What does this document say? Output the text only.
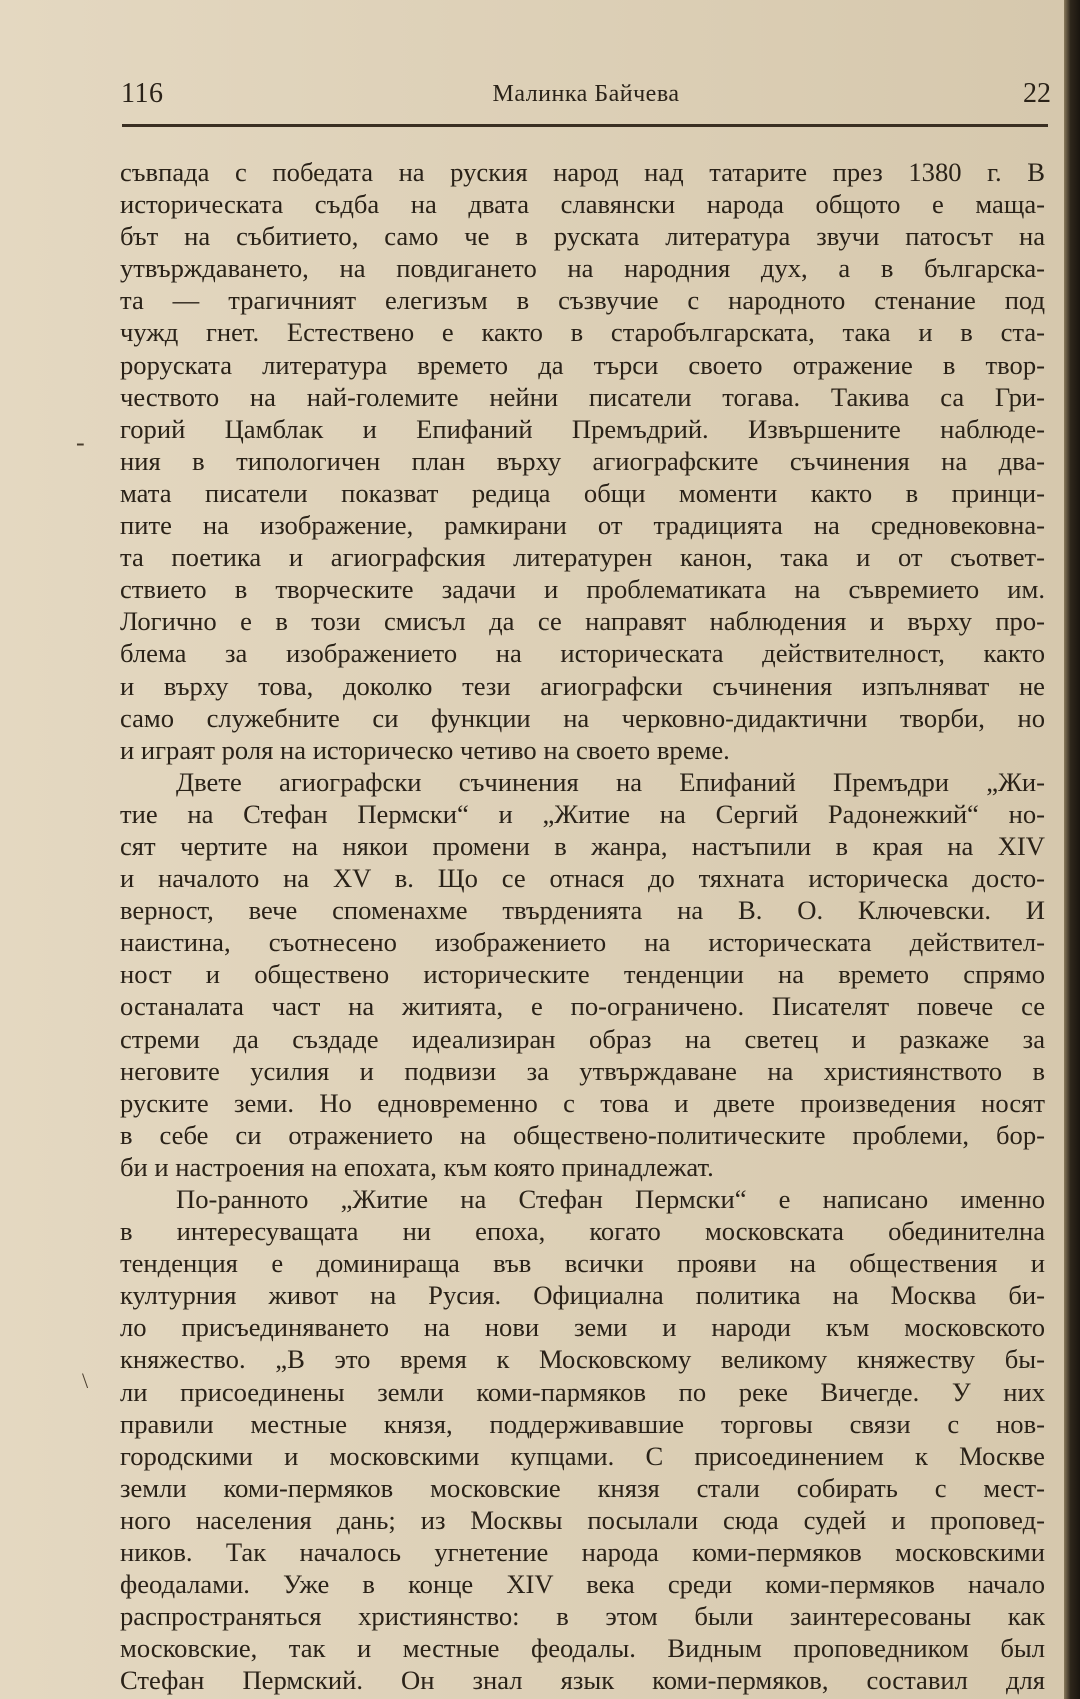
116	Малинка Байчева	22
-
\
съвпада с победата на руския народ над татарите през 1380 г. В
историческата съдба на двата славянски народа общото е мащa-
бът на събитието, само че в руската литература звучи патосът на
утвърждаването, на повдигането на народния дух, а в българска-
та — трагичният елегизъм в съзвучие с народното стенание под
чужд гнет. Естествено е както в старобългарската, така и в ста-
роруската литература времето да търси своето отражение в твор-
чеството на най-големите нейни писатели тогава. Такива са Гри-
горий Цамблак и Епифаний Премъдрий. Извършените наблюде-
ния в типологичен план върху агиографските съчинения на два-
мата писатели показват редица общи моменти както в принци-
пите на изображение, рамкирани от традицията на средновековна-
та поетика и агиографския литературен канон, така и от съответ-
ствието в творческите задачи и проблематиката на съвремието им.
Логично е в този смисъл да се направят наблюдения и върху про-
блема за изображението на историческата действителност, както
и върху това, доколко тези агиографски съчинения изпълняват не
само служебните си функции на черковно-дидактични творби, но
и играят роля на историческо четиво на своето време.
Двете агиографски съчинения на Епифаний Премъдри „Жи-
тие на Стефан Пермски“ и „Житие на Сергий Радонежкий“ но-
сят чертите на някои промени в жанра, настъпили в края на XIV
и началото на XV в. Що се отнася до тяхната историческа досто-
верност, вече споменахме твърденията на В. О. Ключевски. И
наистина, съотнесено изображението на историческата действител-
ност и обществено историческите тенденции на времето спрямо
останалата част на житията, е по-ограничено. Писателят повече се
стреми да създаде идеализиран образ на светец и разкаже за
неговите усилия и подвизи за утвърждаване на християнството в
руските земи. Но едновременно с това и двете произведения носят
в себе си отражението на обществено-политическите проблеми, бор-
би и настроения на епохата, към която принадлежат.
По-ранното „Житие на Стефан Пермски“ е написано именно
в интересуващата ни епоха, когато московската обединителна
тенденция е доминираща във всички прояви на обществения и
културния живот на Русия. Официална политика на Москва би-
ло присъединяването на нови земи и народи към московското
княжество. „В это время к Московскому великому княжеству бы-
ли присоединены земли коми-пармяков по реке Вичегде. У них
правили местные князя, поддерживавшие торговы связи с нов-
городскими и московскими купцами. С присоединением к Москве
земли коми-пермяков московские князя стали собирать с мест-
ного населения дань; из Москвы посылали сюда судей и проповед-
ников. Так началось угнетение народа коми-пермяков московскими
феодалами. Уже в конце XIV века среди коми-пермяков начало
распространяться християнство: в этом были заинтересованы как
московские, так и местные феодалы. Видным проповедником был
Стефан Пермский. Он знал язык коми-пермяков, составил для
